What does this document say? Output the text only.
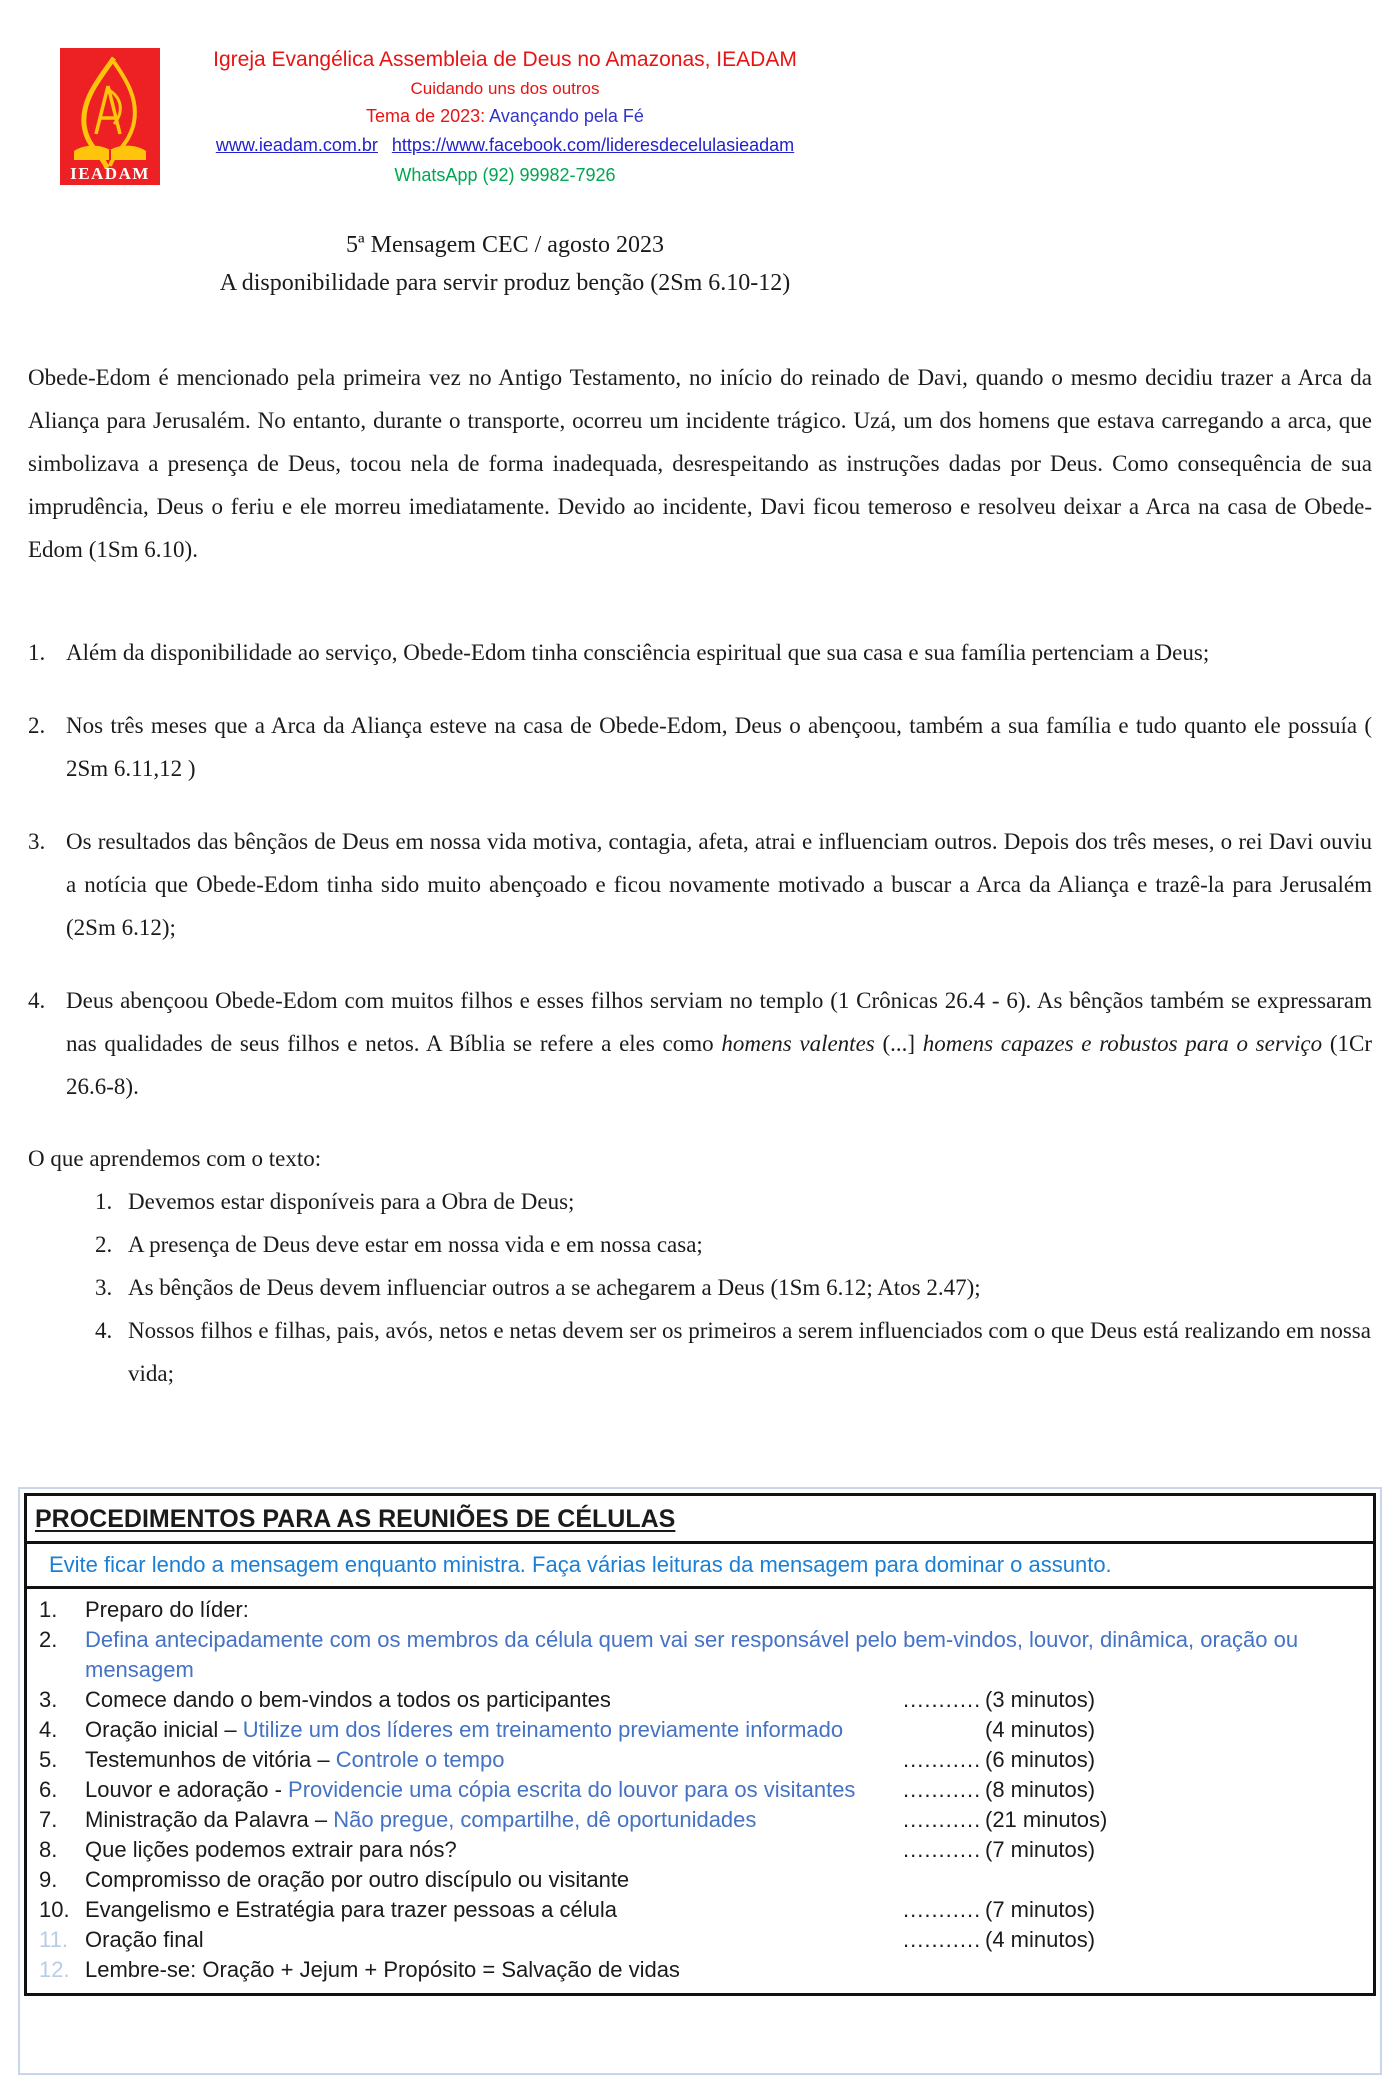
IEADAM
Igreja Evangélica Assembleia de Deus no Amazonas, IEADAM
Cuidando uns dos outros
Tema de 2023: Avançando pela Fé
www.ieadam.com.br https://www.facebook.com/lideresdecelulasieadam
WhatsApp (92) 99982-7926
5ª Mensagem CEC / agosto 2023
A disponibilidade para servir produz benção (2Sm 6.10-12)

Obede-Edom é mencionado pela primeira vez no Antigo Testamento, no início do reinado de Davi, quando o mesmo decidiu trazer a Arca da Aliança para Jerusalém. No entanto, durante o transporte, ocorreu um incidente trágico. Uzá, um dos homens que estava carregando a arca, que simbolizava a presença de Deus, tocou nela de forma inadequada, desrespeitando as instruções dadas por Deus. Como consequência de sua imprudência, Deus o feriu e ele morreu imediatamente. Devido ao incidente, Davi ficou temeroso e resolveu deixar a Arca na casa de Obede-Edom (1Sm 6.10).

1. Além da disponibilidade ao serviço, Obede-Edom tinha consciência espiritual que sua casa e sua família pertenciam a Deus;
2. Nos três meses que a Arca da Aliança esteve na casa de Obede-Edom, Deus o abençoou, também a sua família e tudo quanto ele possuía ( 2Sm 6.11,12 )
3. Os resultados das bênçãos de Deus em nossa vida motiva, contagia, afeta, atrai e influenciam outros. Depois dos três meses, o rei Davi ouviu a notícia que Obede-Edom tinha sido muito abençoado e ficou novamente motivado a buscar a Arca da Aliança e trazê-la para Jerusalém (2Sm 6.12);
4. Deus abençoou Obede-Edom com muitos filhos e esses filhos serviam no templo (1 Crônicas 26.4 - 6). As bênçãos também se expressaram nas qualidades de seus filhos e netos. A Bíblia se refere a eles como homens valentes (...] homens capazes e robustos para o serviço (1Cr 26.6-8).
O que aprendemos com o texto:
1. Devemos estar disponíveis para a Obra de Deus;
2. A presença de Deus deve estar em nossa vida e em nossa casa;
3. As bênçãos de Deus devem influenciar outros a se achegarem a Deus (1Sm 6.12; Atos 2.47);
4. Nossos filhos e filhas, pais, avós, netos e netas devem ser os primeiros a serem influenciados com o que Deus está realizando em nossa vida;
PROCEDIMENTOS PARA AS REUNIÕES DE CÉLULAS
Evite ficar lendo a mensagem enquanto ministra. Faça várias leituras da mensagem para dominar o assunto.
1.	Preparo do líder:
2.	Defina antecipadamente com os membros da célula quem vai ser responsável pelo bem-vindos, louvor, dinâmica, oração ou mensagem
3.	Comece dando o bem-vindos a todos os participantes	........... (3 minutos)
4.	Oração inicial – Utilize um dos líderes em treinamento previamente informado	(4 minutos)
5.	Testemunhos de vitória – Controle o tempo	........... (6 minutos)
6.	Louvor e adoração - Providencie uma cópia escrita do louvor para os visitantes	........... (8 minutos)
7.	Ministração da Palavra – Não pregue, compartilhe, dê oportunidades	........... (21 minutos)
8.	Que lições podemos extrair para nós?	........... (7 minutos)
9.	Compromisso de oração por outro discípulo ou visitante
10. Evangelismo e Estratégia para trazer pessoas a célula	........... (7 minutos)
11. Oração final	........... (4 minutos)
12. Lembre-se: Oração + Jejum + Propósito = Salvação de vidas
